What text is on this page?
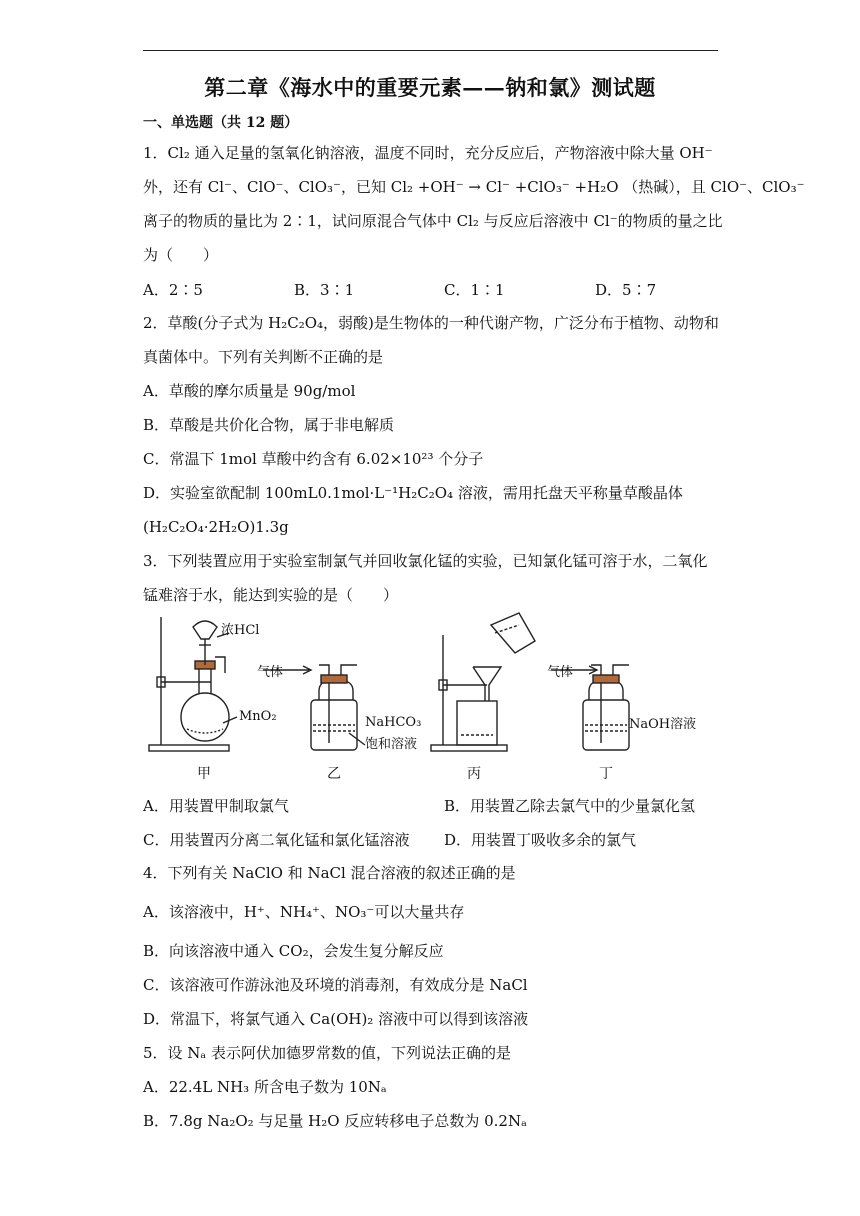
第二章《海水中的重要元素——钠和氯》测试题
一、单选题（共 12 题）
1．Cl₂ 通入足量的氢氧化钠溶液，温度不同时，充分反应后，产物溶液中除大量 OH⁻
外，还有 Cl⁻、ClO⁻、ClO₃⁻，已知 Cl₂ +OH⁻ → Cl⁻ +ClO₃⁻ +H₂O （热碱），且 ClO⁻、ClO₃⁻
离子的物质的量比为 2∶1，试问原混合气体中 Cl₂ 与反应后溶液中 Cl⁻的物质的量之比
为（　　）
A．2∶5	B．3∶1	C．1∶1	D．5∶7
2．草酸(分子式为 H₂C₂O₄，弱酸)是生物体的一种代谢产物，广泛分布于植物、动物和
真菌体中。下列有关判断不正确的是
A．草酸的摩尔质量是 90g/mol
B．草酸是共价化合物，属于非电解质
C．常温下 1mol 草酸中约含有 6.02×10²³ 个分子
D．实验室欲配制 100mL0.1mol·L⁻¹H₂C₂O₄ 溶液，需用托盘天平称量草酸晶体
(H₂C₂O₄·2H₂O)1.3g
3．下列装置应用于实验室制氯气并回收氯化锰的实验，已知氯化锰可溶于水，二氧化
锰难溶于水，能达到实验的是（　　）
浓HCl
MnO₂
气体
NaHCO₃
饱和溶液
气体
NaOH溶液
甲	乙	丙	丁
A．用装置甲制取氯气	B．用装置乙除去氯气中的少量氯化氢
C．用装置丙分离二氧化锰和氯化锰溶液 D．用装置丁吸收多余的氯气
4．下列有关 NaClO 和 NaCl 混合溶液的叙述正确的是
A．该溶液中，H⁺、NH₄⁺、NO₃⁻可以大量共存
B．向该溶液中通入 CO₂，会发生复分解反应
C．该溶液可作游泳池及环境的消毒剂，有效成分是 NaCl
D．常温下，将氯气通入 Ca(OH)₂ 溶液中可以得到该溶液
5．设 Nₐ 表示阿伏加德罗常数的值，下列说法正确的是
A．22.4L NH₃ 所含电子数为 10Nₐ
B．7.8g Na₂O₂ 与足量 H₂O 反应转移电子总数为 0.2Nₐ
